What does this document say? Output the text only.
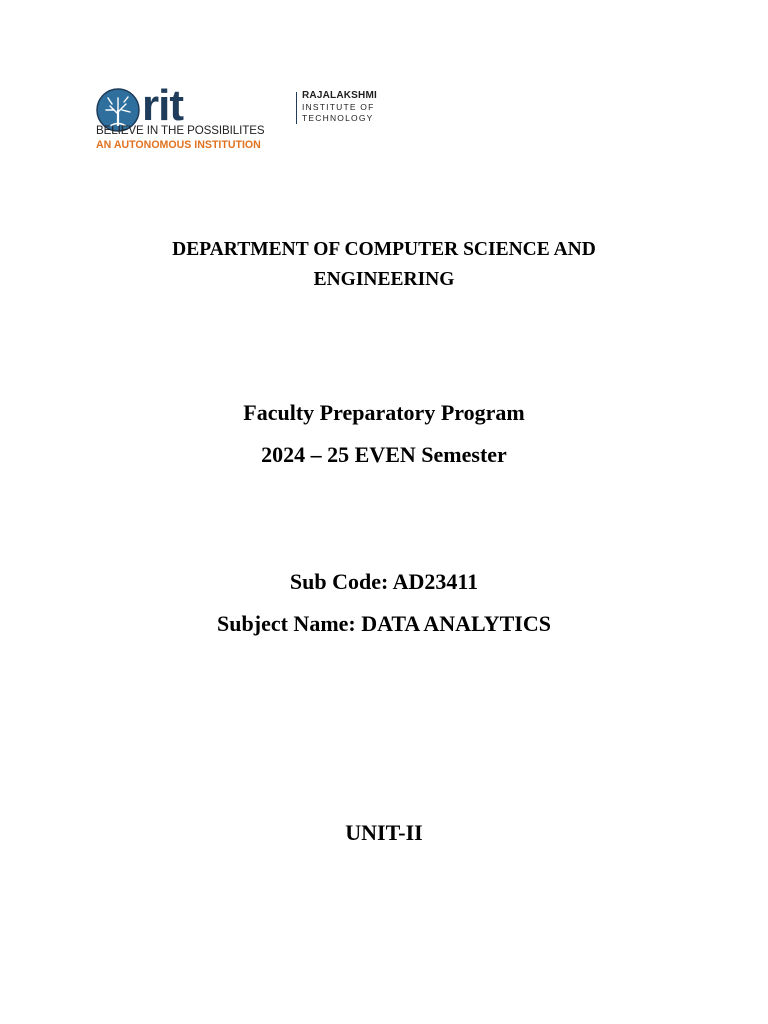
rit	RAJALAKSHMI
INSTITUTE OF
TECHNOLOGY
BELIEVE IN THE POSSIBILITES
AN AUTONOMOUS INSTITUTION
DEPARTMENT OF COMPUTER SCIENCE AND ENGINEERING
Faculty Preparatory Program
2024 – 25 EVEN Semester
Sub Code: AD23411
Subject Name: DATA ANALYTICS
UNIT-II
